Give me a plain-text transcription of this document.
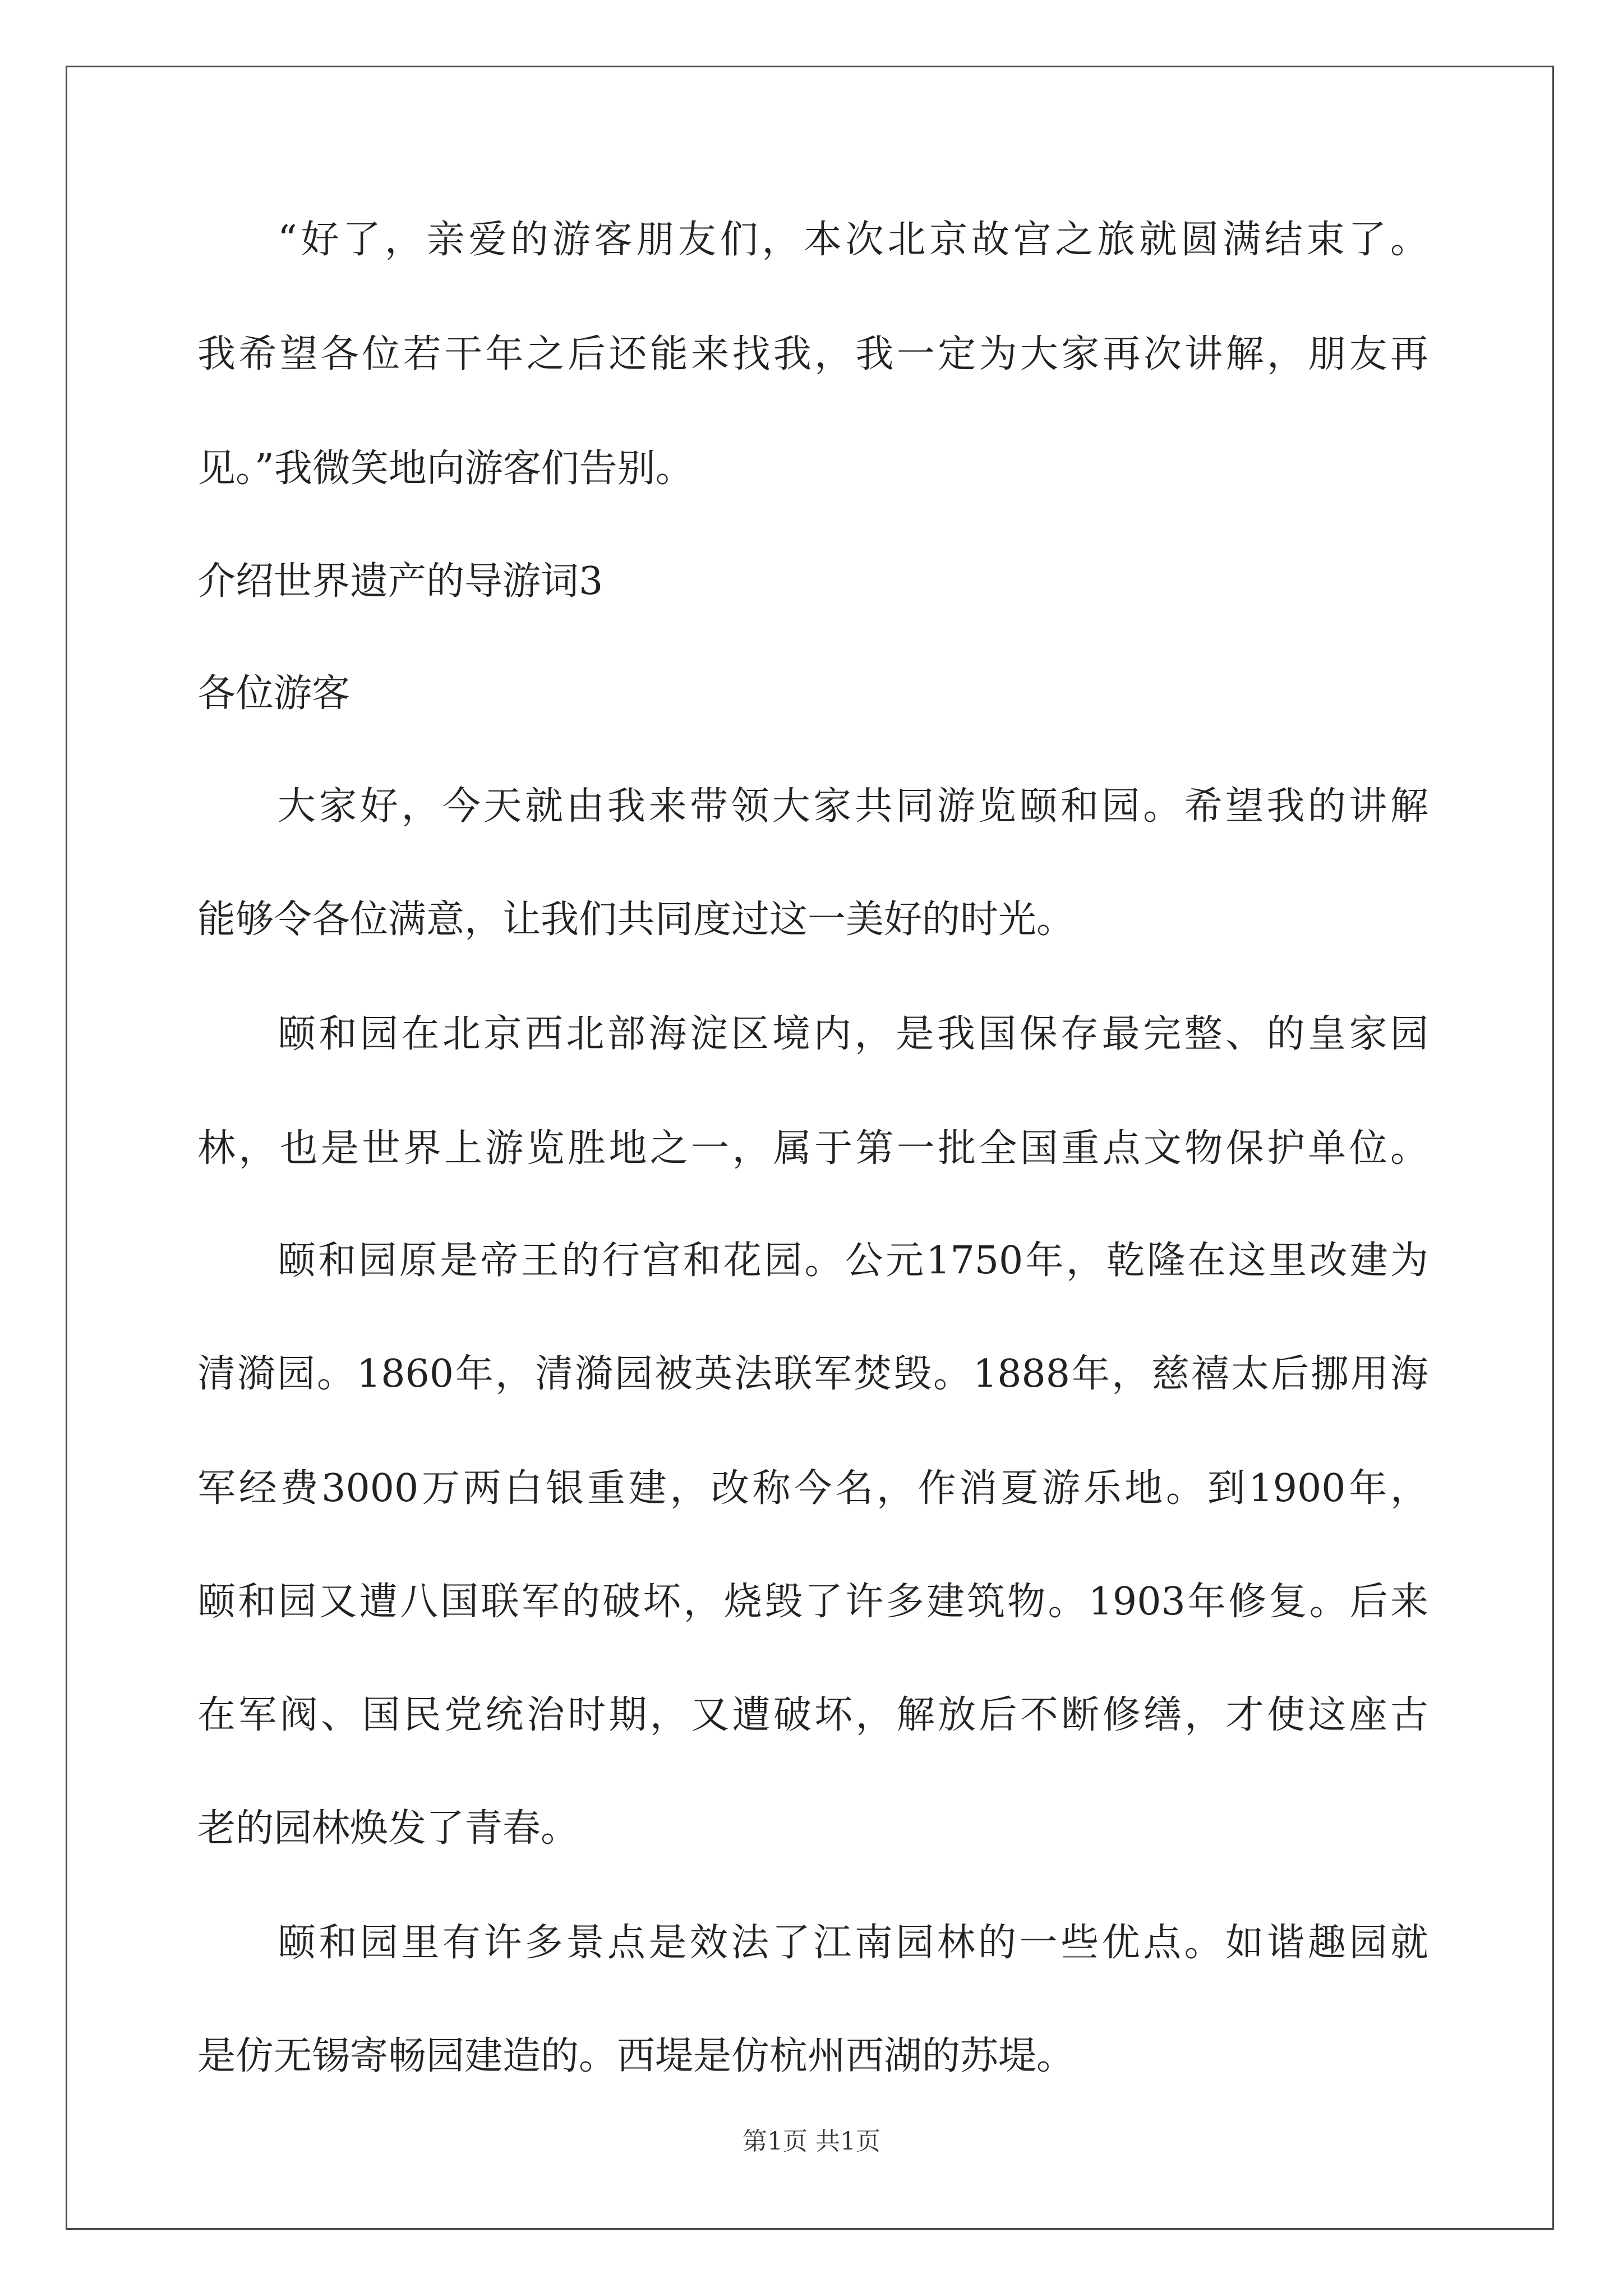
“好了，亲爱的游客朋友们，本次北京故宫之旅就圆满结束了。
我希望各位若干年之后还能来找我，我一定为大家再次讲解，朋友再
见。”我微笑地向游客们告别。
介绍世界遗产的导游词3
各位游客
大家好，今天就由我来带领大家共同游览颐和园。希望我的讲解
能够令各位满意，让我们共同度过这一美好的时光。
颐和园在北京西北部海淀区境内，是我国保存最完整、的皇家园
林，也是世界上游览胜地之一，属于第一批全国重点文物保护单位。
颐和园原是帝王的行宫和花园。公元1750年，乾隆在这里改建为
清漪园。1860年，清漪园被英法联军焚毁。1888年，慈禧太后挪用海
军经费3000万两白银重建，改称今名，作消夏游乐地。到1900年，
颐和园又遭八国联军的破坏，烧毁了许多建筑物。1903年修复。后来
在军阀、国民党统治时期，又遭破坏，解放后不断修缮，才使这座古
老的园林焕发了青春。
颐和园里有许多景点是效法了江南园林的一些优点。如谐趣园就
是仿无锡寄畅园建造的。西堤是仿杭州西湖的苏堤。
第1页 共1页
